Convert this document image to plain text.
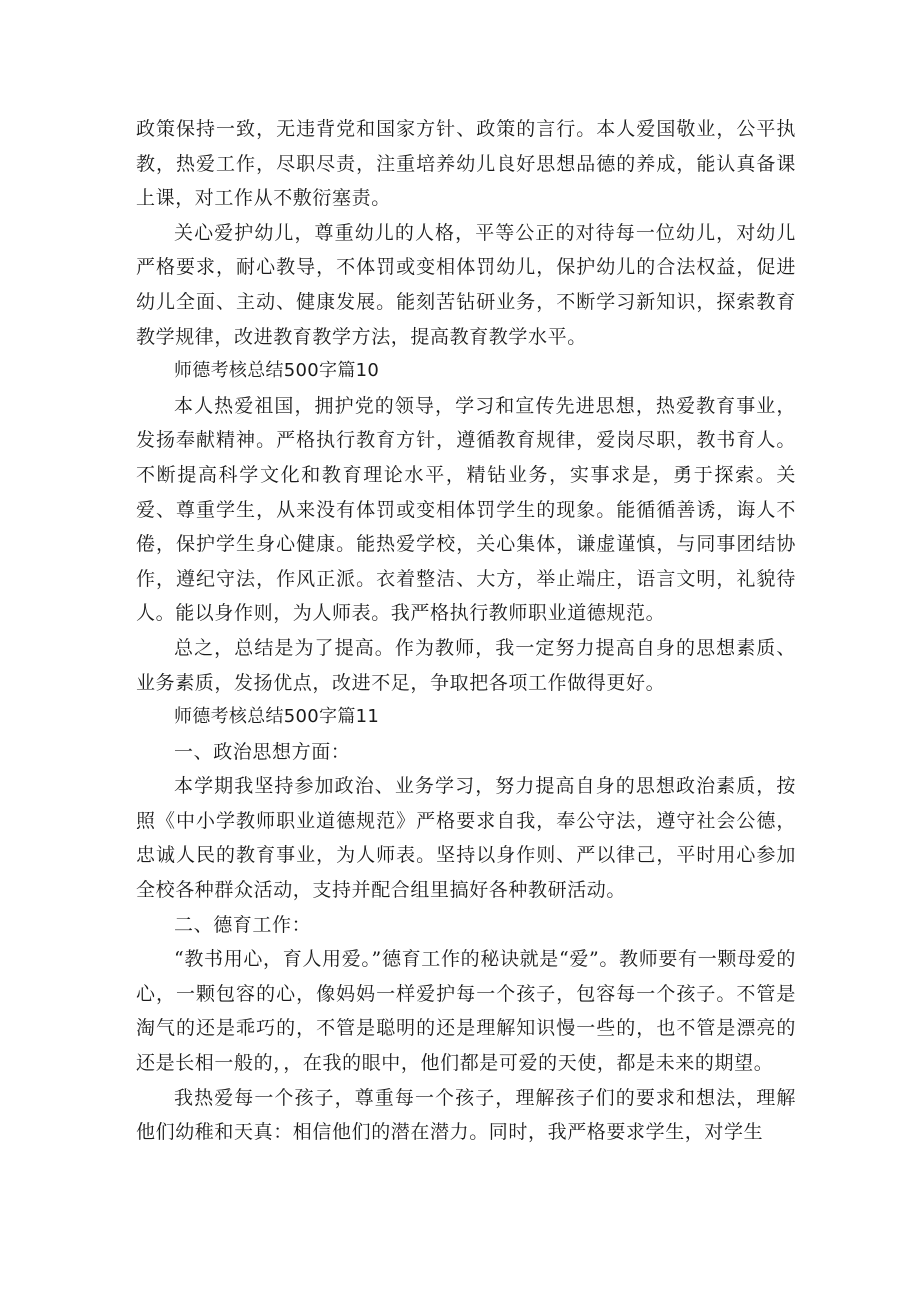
政策保持一致，无违背党和国家方针、政策的言行。本人爱国敬业，公平执教，热爱工作，尽职尽责，注重培养幼儿良好思想品德的养成，能认真备课上课，对工作从不敷衍塞责。

关心爱护幼儿，尊重幼儿的人格，平等公正的对待每一位幼儿，对幼儿严格要求，耐心教导，不体罚或变相体罚幼儿，保护幼儿的合法权益，促进幼儿全面、主动、健康发展。能刻苦钻研业务，不断学习新知识，探索教育教学规律，改进教育教学方法，提高教育教学水平。

师德考核总结500字篇10

本人热爱祖国，拥护党的领导，学习和宣传先进思想，热爱教育事业，发扬奉献精神。严格执行教育方针，遵循教育规律，爱岗尽职，教书育人。不断提高科学文化和教育理论水平，精钻业务，实事求是，勇于探索。关爱、尊重学生，从来没有体罚或变相体罚学生的现象。能循循善诱，诲人不倦，保护学生身心健康。能热爱学校，关心集体，谦虚谨慎，与同事团结协作，遵纪守法，作风正派。衣着整洁、大方，举止端庄，语言文明，礼貌待人。能以身作则，为人师表。我严格执行教师职业道德规范。

总之，总结是为了提高。作为教师，我一定努力提高自身的思想素质、业务素质，发扬优点，改进不足，争取把各项工作做得更好。

师德考核总结500字篇11

一、政治思想方面：

本学期我坚持参加政治、业务学习，努力提高自身的思想政治素质，按照《中小学教师职业道德规范》严格要求自我，奉公守法，遵守社会公德，忠诚人民的教育事业，为人师表。坚持以身作则、严以律己，平时用心参加全校各种群众活动，支持并配合组里搞好各种教研活动。

二、德育工作：

“教书用心，育人用爱。”德育工作的秘诀就是“爱”。教师要有一颗母爱的心，一颗包容的心，像妈妈一样爱护每一个孩子，包容每一个孩子。不管是淘气的还是乖巧的，不管是聪明的还是理解知识慢一些的，也不管是漂亮的还是长相一般的，，在我的眼中，他们都是可爱的天使，都是未来的期望。

我热爱每一个孩子，尊重每一个孩子，理解孩子们的要求和想法，理解他们幼稚和天真：相信他们的潜在潜力。同时，我严格要求学生，对学生
